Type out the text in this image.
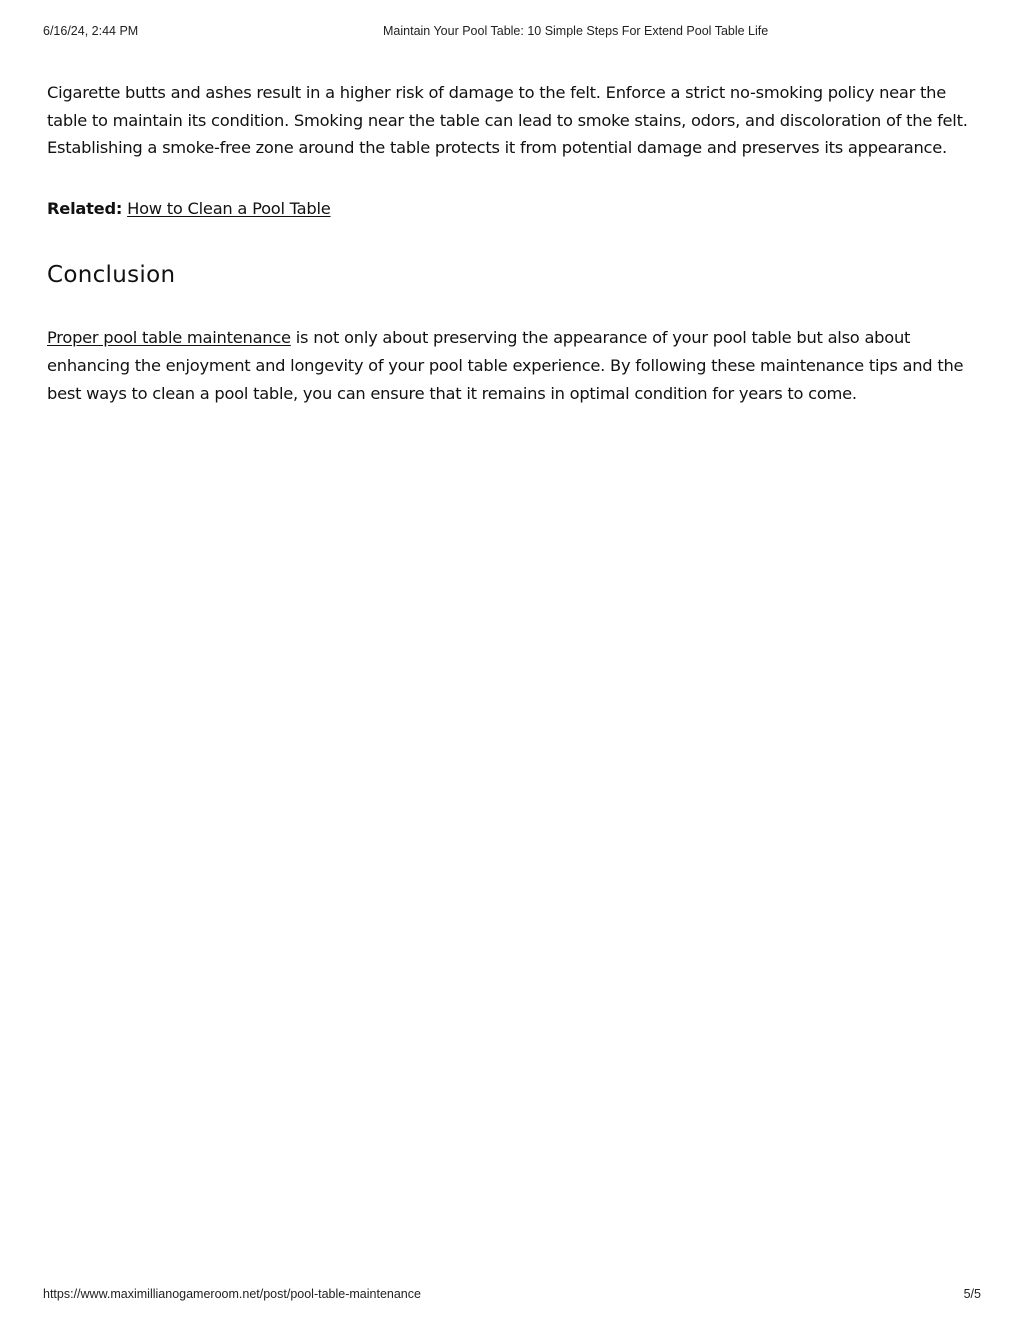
6/16/24, 2:44 PM	Maintain Your Pool Table: 10 Simple Steps For Extend Pool Table Life

Cigarette butts and ashes result in a higher risk of damage to the felt. Enforce a strict no-smoking policy near the table to maintain its condition. Smoking near the table can lead to smoke stains, odors, and discoloration of the felt. Establishing a smoke-free zone around the table protects it from potential damage and preserves its appearance.

Related: How to Clean a Pool Table

Conclusion

Proper pool table maintenance is not only about preserving the appearance of your pool table but also about enhancing the enjoyment and longevity of your pool table experience. By following these maintenance tips and the best ways to clean a pool table, you can ensure that it remains in optimal condition for years to come.

https://www.maximillianogameroom.net/post/pool-table-maintenance	5/5
